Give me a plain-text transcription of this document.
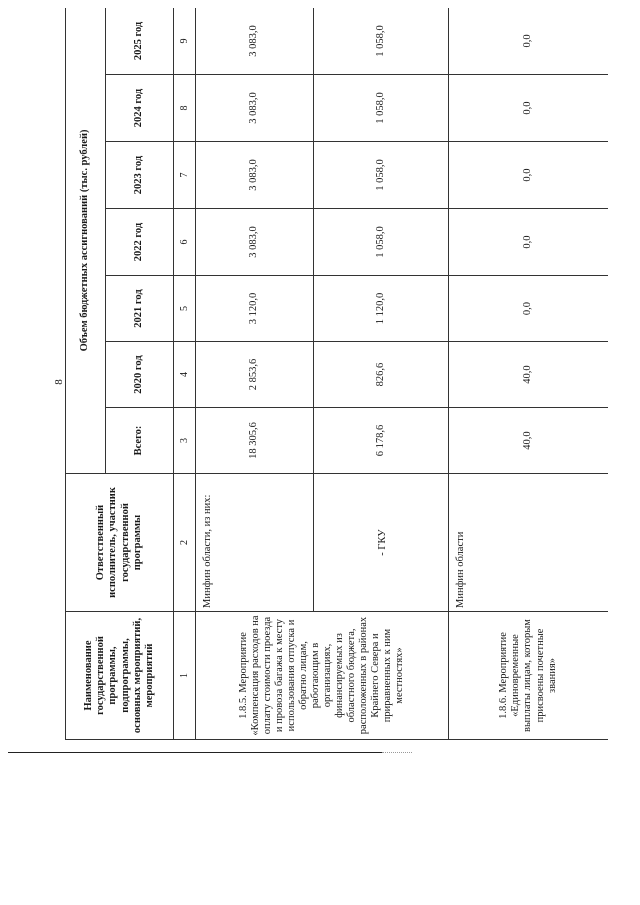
8
Наименование государственной программы, подпрограммы, основных мероприятий, мероприятий	Ответственный исполнитель, участник государственной программы	Объем бюджетных ассигнований (тыс. рублей)						
		Всего:	2020 год	2021 год	2022 год	2023 год	2024 год	2025 год
1	2	3	4	5	6	7	8	9
1.8.5. Мероприятие «Компенсация расходов на оплату стоимости проезда и провоза багажа к месту использования отпуска и обратно лицам, работающим в организациях, финансируемых из областного бюджета, расположенных в районах Крайнего Севера и приравненных к ним местностях»	Минфин области, из них:	18 305,6	2 853,6	3 120,0	3 083,0	3 083,0	3 083,0	3 083,0
	- ГКУ	6 178,6	826,6	1 120,0	1 058,0	1 058,0	1 058,0	1 058,0
1.8.6. Мероприятие «Единовременные выплаты лицам, которым присвоены почетные звания»	Минфин области	40,0	40,0	0,0	0,0	0,0	0,0	0,0
